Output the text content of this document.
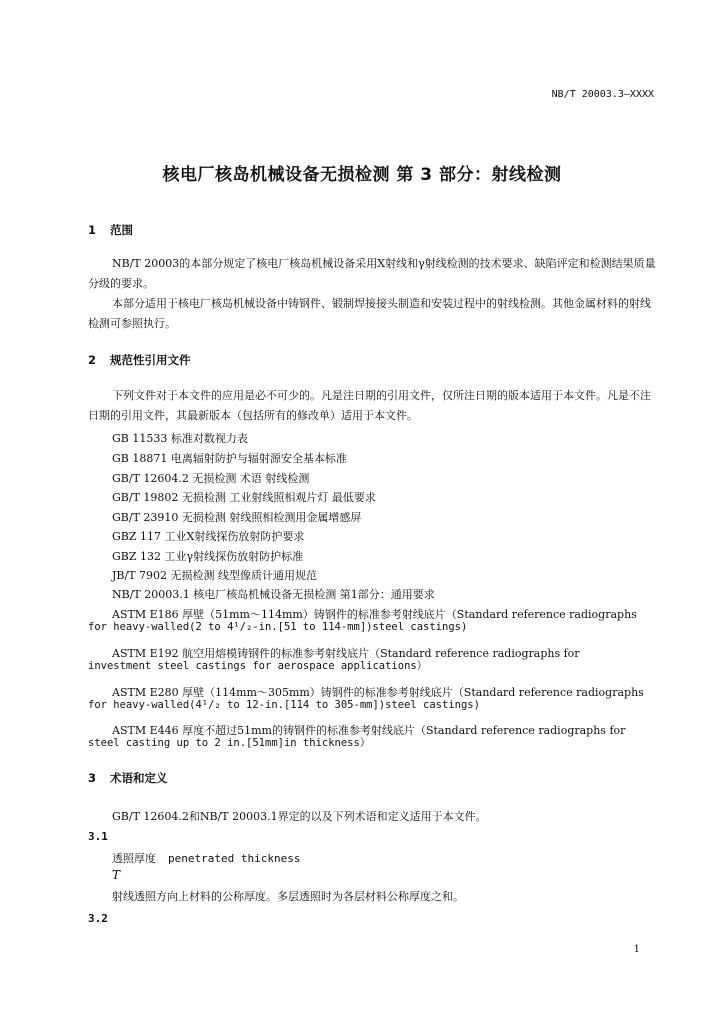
NB/T 20003.3—XXXX
核电厂核岛机械设备无损检测 第 3 部分：射线检测
1 范围
NB/T 20003的本部分规定了核电厂核岛机械设备采用X射线和γ射线检测的技术要求、缺陷评定和检测结果质量分级的要求。
本部分适用于核电厂核岛机械设备中铸钢件、锻制焊接接头制造和安装过程中的射线检测。其他金属材料的射线检测可参照执行。
2 规范性引用文件
下列文件对于本文件的应用是必不可少的。凡是注日期的引用文件，仅所注日期的版本适用于本文件。凡是不注日期的引用文件，其最新版本（包括所有的修改单）适用于本文件。
GB 11533 标准对数视力表
GB 18871 电离辐射防护与辐射源安全基本标准
GB/T 12604.2 无损检测 术语 射线检测
GB/T 19802 无损检测 工业射线照相观片灯 最低要求
GB/T 23910 无损检测 射线照相检测用金属增感屏
GBZ 117 工业X射线探伤放射防护要求
GBZ 132 工业γ射线探伤放射防护标准
JB/T 7902 无损检测 线型像质计通用规范
NB/T 20003.1 核电厂核岛机械设备无损检测 第1部分：通用要求
ASTM E186 厚壁（51mm～114mm）铸钢件的标准参考射线底片（Standard reference radiographs
for heavy-walled(2 to 4¹/₂-in.[51 to 114-mm])steel castings)
ASTM E192 航空用熔模铸钢件的标准参考射线底片（Standard reference radiographs for
investment steel castings for aerospace applications）
ASTM E280 厚壁（114mm～305mm）铸钢件的标准参考射线底片（Standard reference radiographs
for heavy-walled(4¹/₂ to 12-in.[114 to 305-mm])steel castings)
ASTM E446 厚度不超过51mm的铸钢件的标准参考射线底片（Standard reference radiographs for
steel casting up to 2 in.[51mm]in thickness）
3 术语和定义
GB/T 12604.2和NB/T 20003.1界定的以及下列术语和定义适用于本文件。
3.1
透照厚度 penetrated thickness
T
射线透照方向上材料的公称厚度。多层透照时为各层材料公称厚度之和。
3.2
1
